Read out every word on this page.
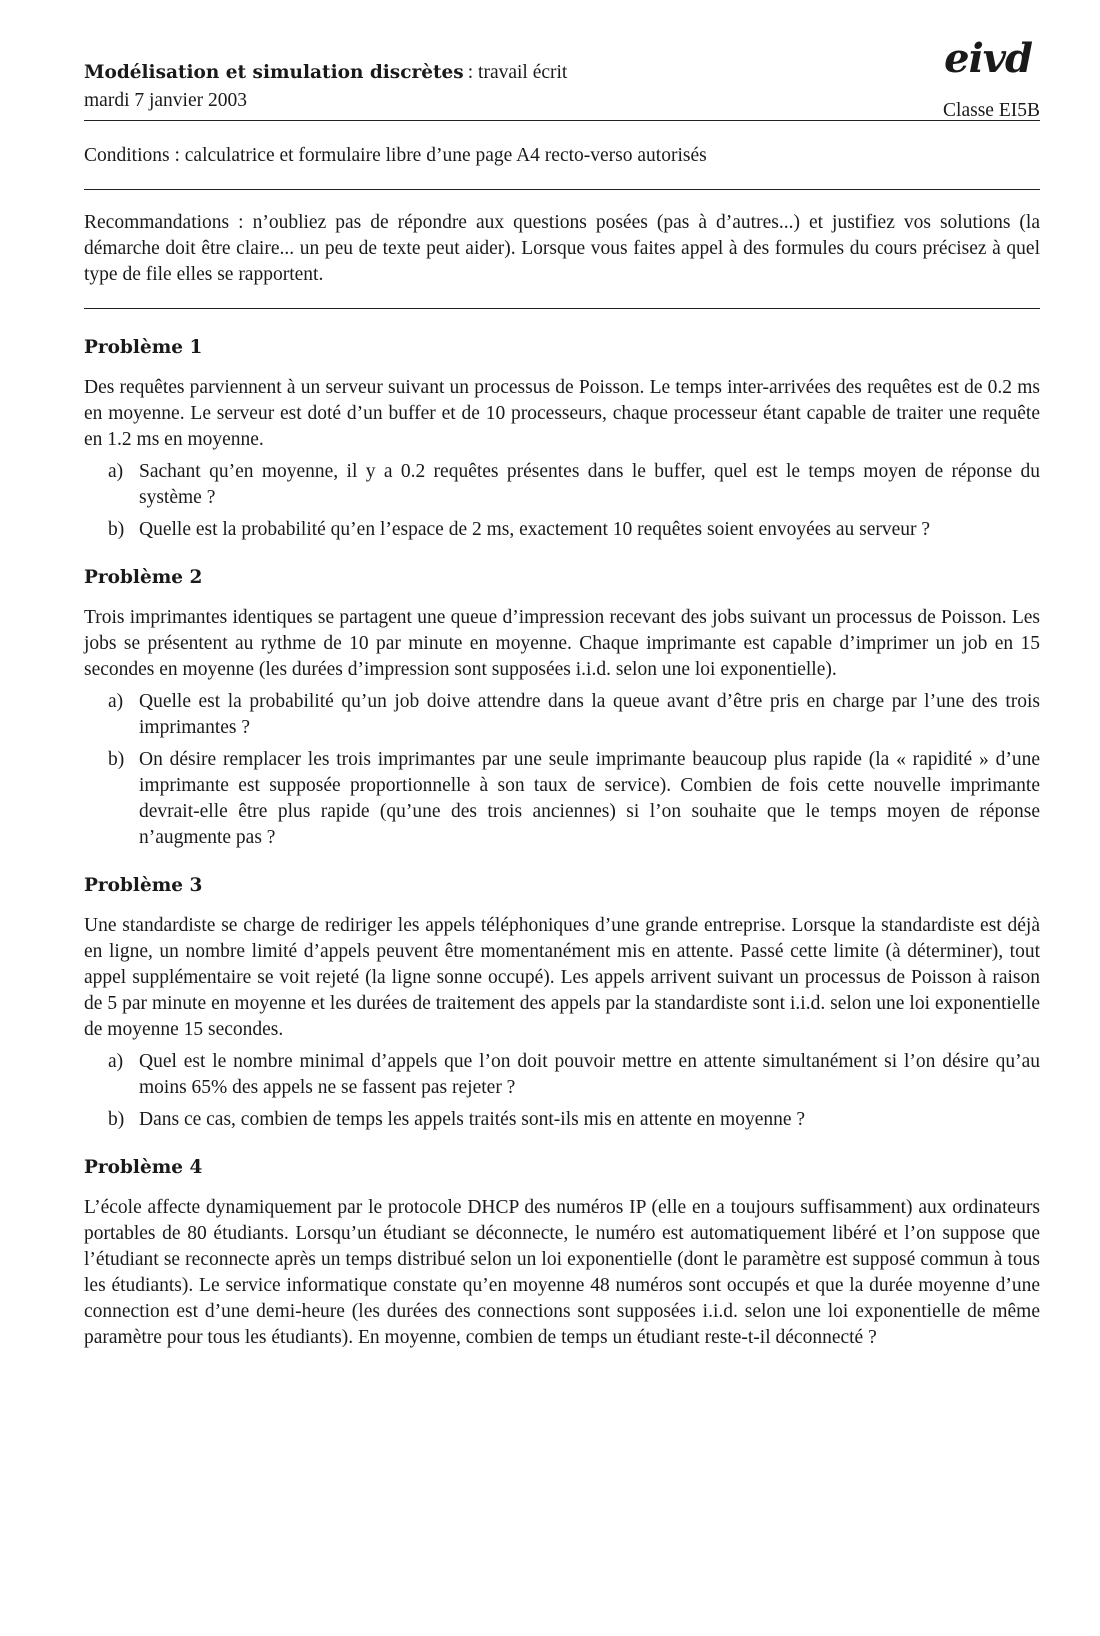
Modélisation et simulation discrètes : travail écrit
mardi 7 janvier 2003
eivd
Classe EI5B
Conditions : calculatrice et formulaire libre d’une page A4 recto-verso autorisés
Recommandations : n’oubliez pas de répondre aux questions posées (pas à d’autres...) et justifiez vos solutions (la démarche doit être claire... un peu de texte peut aider). Lorsque vous faites appel à des formules du cours précisez à quel type de file elles se rapportent.
Problème 1
Des requêtes parviennent à un serveur suivant un processus de Poisson. Le temps inter-arrivées des requêtes est de 0.2 ms en moyenne. Le serveur est doté d’un buffer et de 10 processeurs, chaque processeur étant capable de traiter une requête en 1.2 ms en moyenne.
a) Sachant qu’en moyenne, il y a 0.2 requêtes présentes dans le buffer, quel est le temps moyen de réponse du système ?
b) Quelle est la probabilité qu’en l’espace de 2 ms, exactement 10 requêtes soient envoyées au serveur ?
Problème 2
Trois imprimantes identiques se partagent une queue d’impression recevant des jobs suivant un processus de Poisson. Les jobs se présentent au rythme de 10 par minute en moyenne. Chaque imprimante est capable d’imprimer un job en 15 secondes en moyenne (les durées d’impression sont supposées i.i.d. selon une loi exponentielle).
a) Quelle est la probabilité qu’un job doive attendre dans la queue avant d’être pris en charge par l’une des trois imprimantes ?
b) On désire remplacer les trois imprimantes par une seule imprimante beaucoup plus rapide (la « rapidité » d’une imprimante est supposée proportionnelle à son taux de service). Combien de fois cette nouvelle imprimante devrait-elle être plus rapide (qu’une des trois anciennes) si l’on souhaite que le temps moyen de réponse n’augmente pas ?
Problème 3
Une standardiste se charge de rediriger les appels téléphoniques d’une grande entreprise. Lorsque la standardiste est déjà en ligne, un nombre limité d’appels peuvent être momentanément mis en attente. Passé cette limite (à déterminer), tout appel supplémentaire se voit rejeté (la ligne sonne occupé). Les appels arrivent suivant un processus de Poisson à raison de 5 par minute en moyenne et les durées de traitement des appels par la standardiste sont i.i.d. selon une loi exponentielle de moyenne 15 secondes.
a) Quel est le nombre minimal d’appels que l’on doit pouvoir mettre en attente simultanément si l’on désire qu’au moins 65% des appels ne se fassent pas rejeter ?
b) Dans ce cas, combien de temps les appels traités sont-ils mis en attente en moyenne ?
Problème 4
L’école affecte dynamiquement par le protocole DHCP des numéros IP (elle en a toujours suffisamment) aux ordinateurs portables de 80 étudiants. Lorsqu’un étudiant se déconnecte, le numéro est automatiquement libéré et l’on suppose que l’étudiant se reconnecte après un temps distribué selon un loi exponentielle (dont le paramètre est supposé commun à tous les étudiants). Le service informatique constate qu’en moyenne 48 numéros sont occupés et que la durée moyenne d’une connection est d’une demi-heure (les durées des connections sont supposées i.i.d. selon une loi exponentielle de même paramètre pour tous les étudiants). En moyenne, combien de temps un étudiant reste-t-il déconnecté ?
